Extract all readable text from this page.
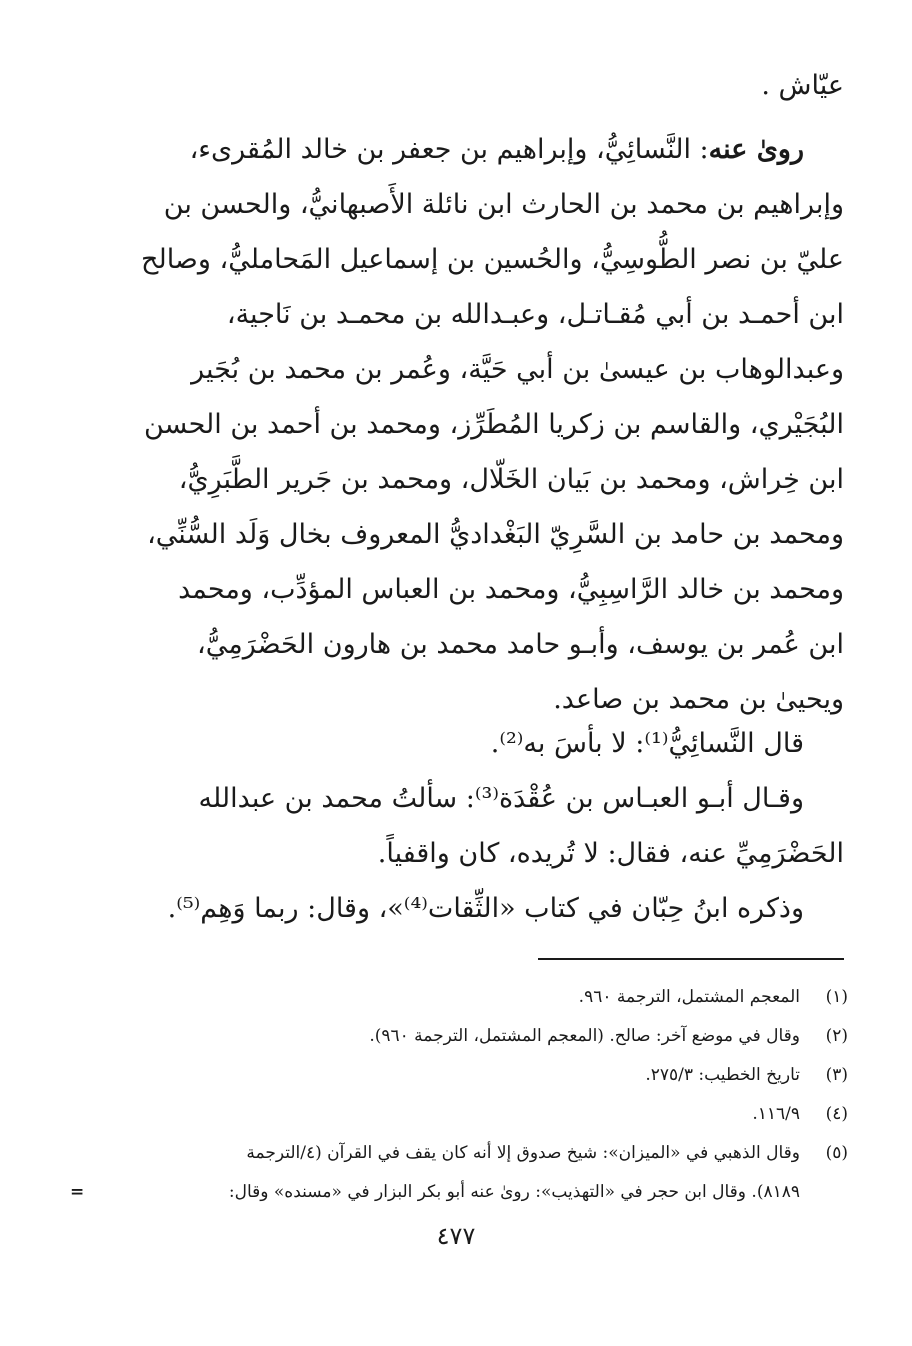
عيّاش .
روىٰ عنه: النَّسائِيُّ، وإبراهيم بن جعفر بن خالد المُقرىء،
وإبراهيم بن محمد بن الحارث ابن نائلة الأَصبهانيُّ، والحسن بن
عليّ بن نصر الطُّوسِيُّ، والحُسين بن إسماعيل المَحامليُّ، وصالح
ابن أحمـد بن أبي مُقـاتـل، وعبـدالله بن محمـد بن نَاجية،
وعبدالوهاب بن عيسىٰ بن أبي حَيَّة، وعُمر بن محمد بن بُجَير
البُجَيْري، والقاسم بن زكريا المُطَرِّز، ومحمد بن أحمد بن الحسن
ابن خِراش، ومحمد بن بَيان الخَلّال، ومحمد بن جَرير الطَّبَرِيُّ،
ومحمد بن حامد بن السَّرِيّ البَغْداديُّ المعروف بخال وَلَد السُّنِّي،
ومحمد بن خالد الرَّاسِبِيُّ، ومحمد بن العباس المؤدِّب، ومحمد
ابن عُمر بن يوسف، وأبـو حامد محمد بن هارون الحَضْرَمِيُّ،
ويحيىٰ بن محمد بن صاعد.
قال النَّسائِيُّ⁽¹⁾: لا بأسَ به⁽²⁾.
وقـال أبـو العبـاس بن عُقْدَة⁽³⁾: سألتُ محمد بن عبدالله
الحَضْرَمِيِّ عنه، فقال: لا تُريده، كان واقفياً.
وذكره ابنُ حِبّان في كتاب «الثِّقات⁽⁴⁾»، وقال: ربما وَهِم⁽⁵⁾.
(١)
المعجم المشتمل، الترجمة ٩٦٠.
(٢)
وقال في موضع آخر: صالح. (المعجم المشتمل، الترجمة ٩٦٠).
(٣)
تاريخ الخطيب: ٢٧٥/٣.
(٤)
١١٦/٩.
(٥)
وقال الذهبي في «الميزان»: شيخ صدوق إلا أنه كان يقف في القرآن (٤/الترجمة
٨١٨٩). وقال ابن حجر في «التهذيب»: روىٰ عنه أبو بكر البزار في «مسنده» وقال:
=
٤٧٧
